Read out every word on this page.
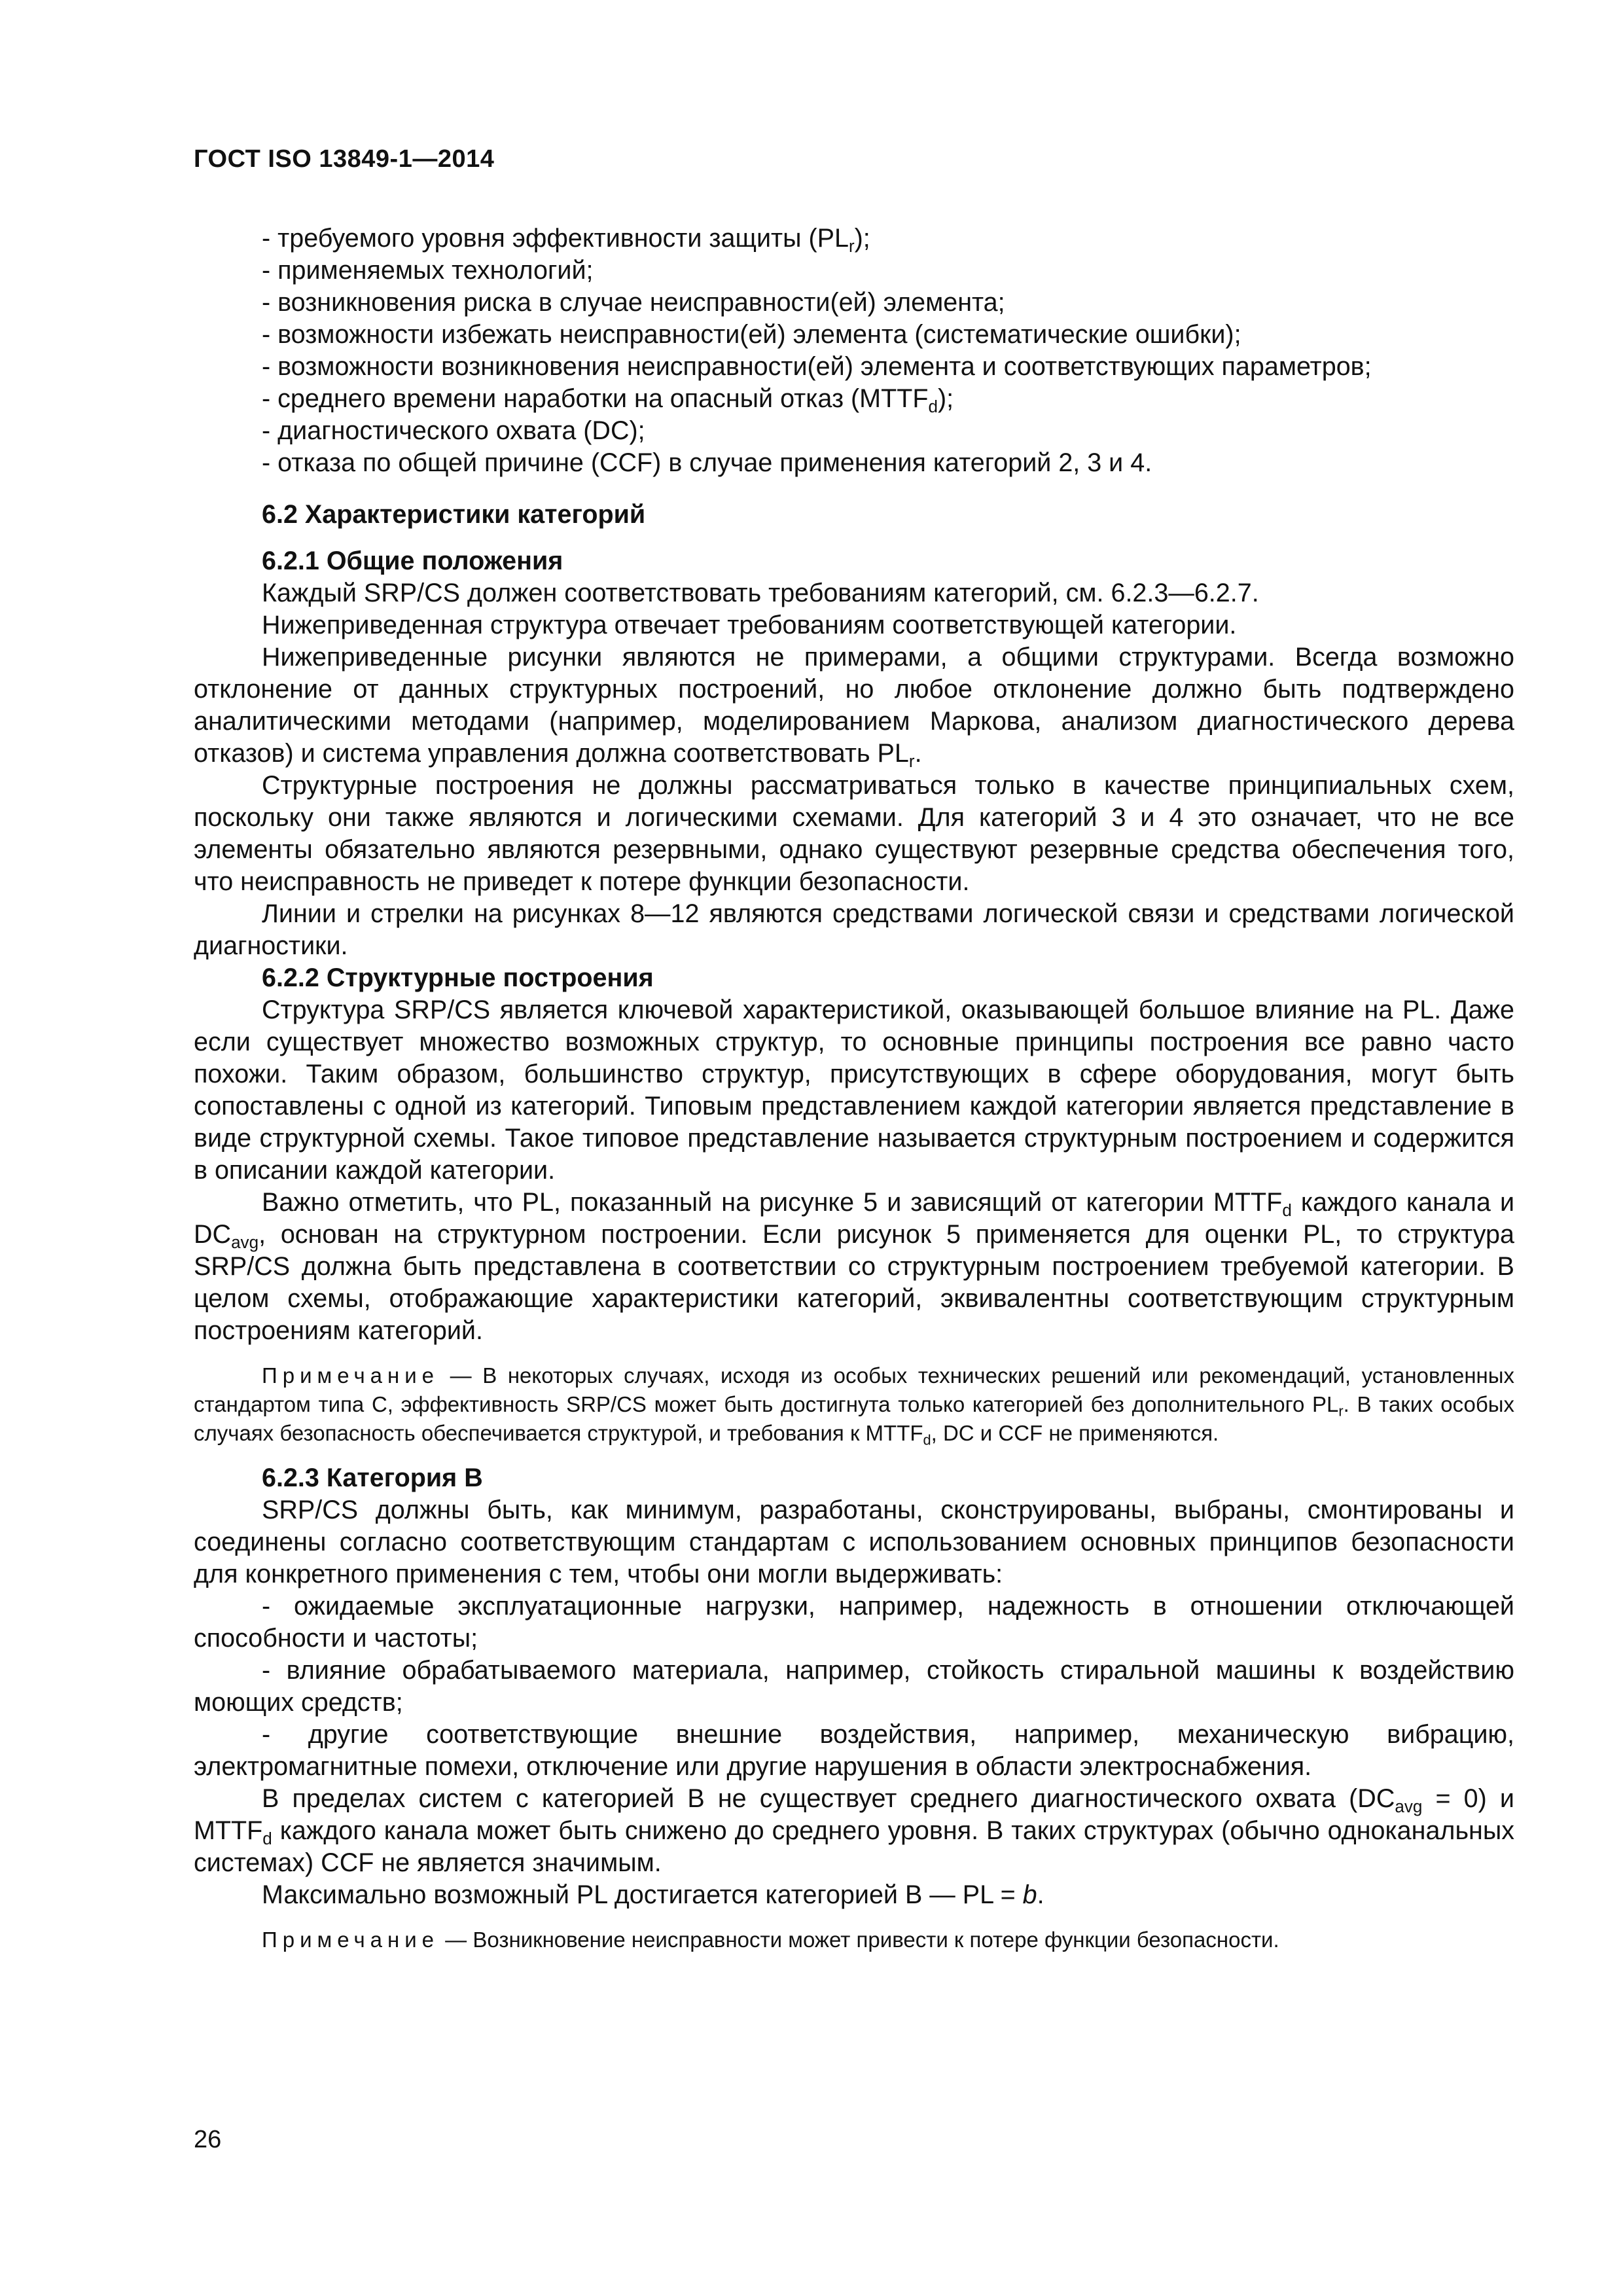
ГОСТ ISO 13849-1—2014

- требуемого уровня эффективности защиты $(PL_r)$;

- применяемых технологий;

- возникновения риска в случае неисправности(ей) элемента;

- возможности избежать неисправности(ей) элемента (систематические ошибки);

- возможности возникновения неисправности(ей) элемента и соответствующих параметров;

- среднего времени наработки на опасный отказ $(MTTF_d)$;

- диагностического охвата (DC);

- отказа по общей причине (CCF) в случае применения категорий 2, 3 и 4.

6.2 Характеристики категорий

6.2.1 Общие положения

Каждый SRP/CS должен соответствовать требованиям категорий, см. 6.2.3—6.2.7.

Нижеприведенная структура отвечает требованиям соответствующей категории.

Нижеприведенные рисунки являются не примерами, а общими структурами. Всегда возможно отклонение от данных структурных построений, но любое отклонение должно быть подтверждено аналитическими методами (например, моделированием Маркова, анализом диагностического дерева отказов) и система управления должна соответствовать $PL_r$.

Структурные построения не должны рассматриваться только в качестве принципиальных схем, поскольку они также являются и логическими схемами. Для категорий 3 и 4 это означает, что не все элементы обязательно являются резервными, однако существуют резервные средства обеспечения того, что неисправность не приведет к потере функции безопасности.

Линии и стрелки на рисунках 8—12 являются средствами логической связи и средствами логической диагностики.

6.2.2 Структурные построения

Структура SRP/CS является ключевой характеристикой, оказывающей большое влияние на PL. Даже если существует множество возможных структур, то основные принципы построения все равно часто похожи. Таким образом, большинство структур, присутствующих в сфере оборудования, могут быть сопоставлены с одной из категорий. Типовым представлением каждой категории является представление в виде структурной схемы. Такое типовое представление называется структурным построением и содержится в описании каждой категории.

Важно отметить, что PL, показанный на рисунке 5 и зависящий от категории $MTTF_d$ каждого канала и $DC_{avg}$, основан на структурном построении. Если рисунок 5 применяется для оценки PL, то структура SRP/CS должна быть представлена в соответствии со структурным построением требуемой категории. В целом схемы, отображающие характеристики категорий, эквивалентны соответствующим структурным построениям категорий.

Примечание — В некоторых случаях, исходя из особых технических решений или рекомендаций, установленных стандартом типа С, эффективность SRP/CS может быть достигнута только категорией без дополнительного $PL_r$. В таких особых случаях безопасность обеспечивается структурой, и требования к $MTTF_d$, DC и CCF не применяются.

6.2.3 Категория В

SRP/CS должны быть, как минимум, разработаны, сконструированы, выбраны, смонтированы и соединены согласно соответствующим стандартам с использованием основных принципов безопасности для конкретного применения с тем, чтобы они могли выдерживать:

- ожидаемые эксплуатационные нагрузки, например, надежность в отношении отключающей способности и частоты;

- влияние обрабатываемого материала, например, стойкость стиральной машины к воздействию моющих средств;

- другие соответствующие внешние воздействия, например, механическую вибрацию, электромагнитные помехи, отключение или другие нарушения в области электроснабжения.

В пределах систем с категорией В не существует среднего диагностического охвата $(DC_{avg} = 0)$ и $MTTF_d$ каждого канала может быть снижено до среднего уровня. В таких структурах (обычно одноканальных системах) CCF не является значимым.

Максимально возможный PL достигается категорией В — PL = b.

Примечание — Возникновение неисправности может привести к потере функции безопасности.

26
